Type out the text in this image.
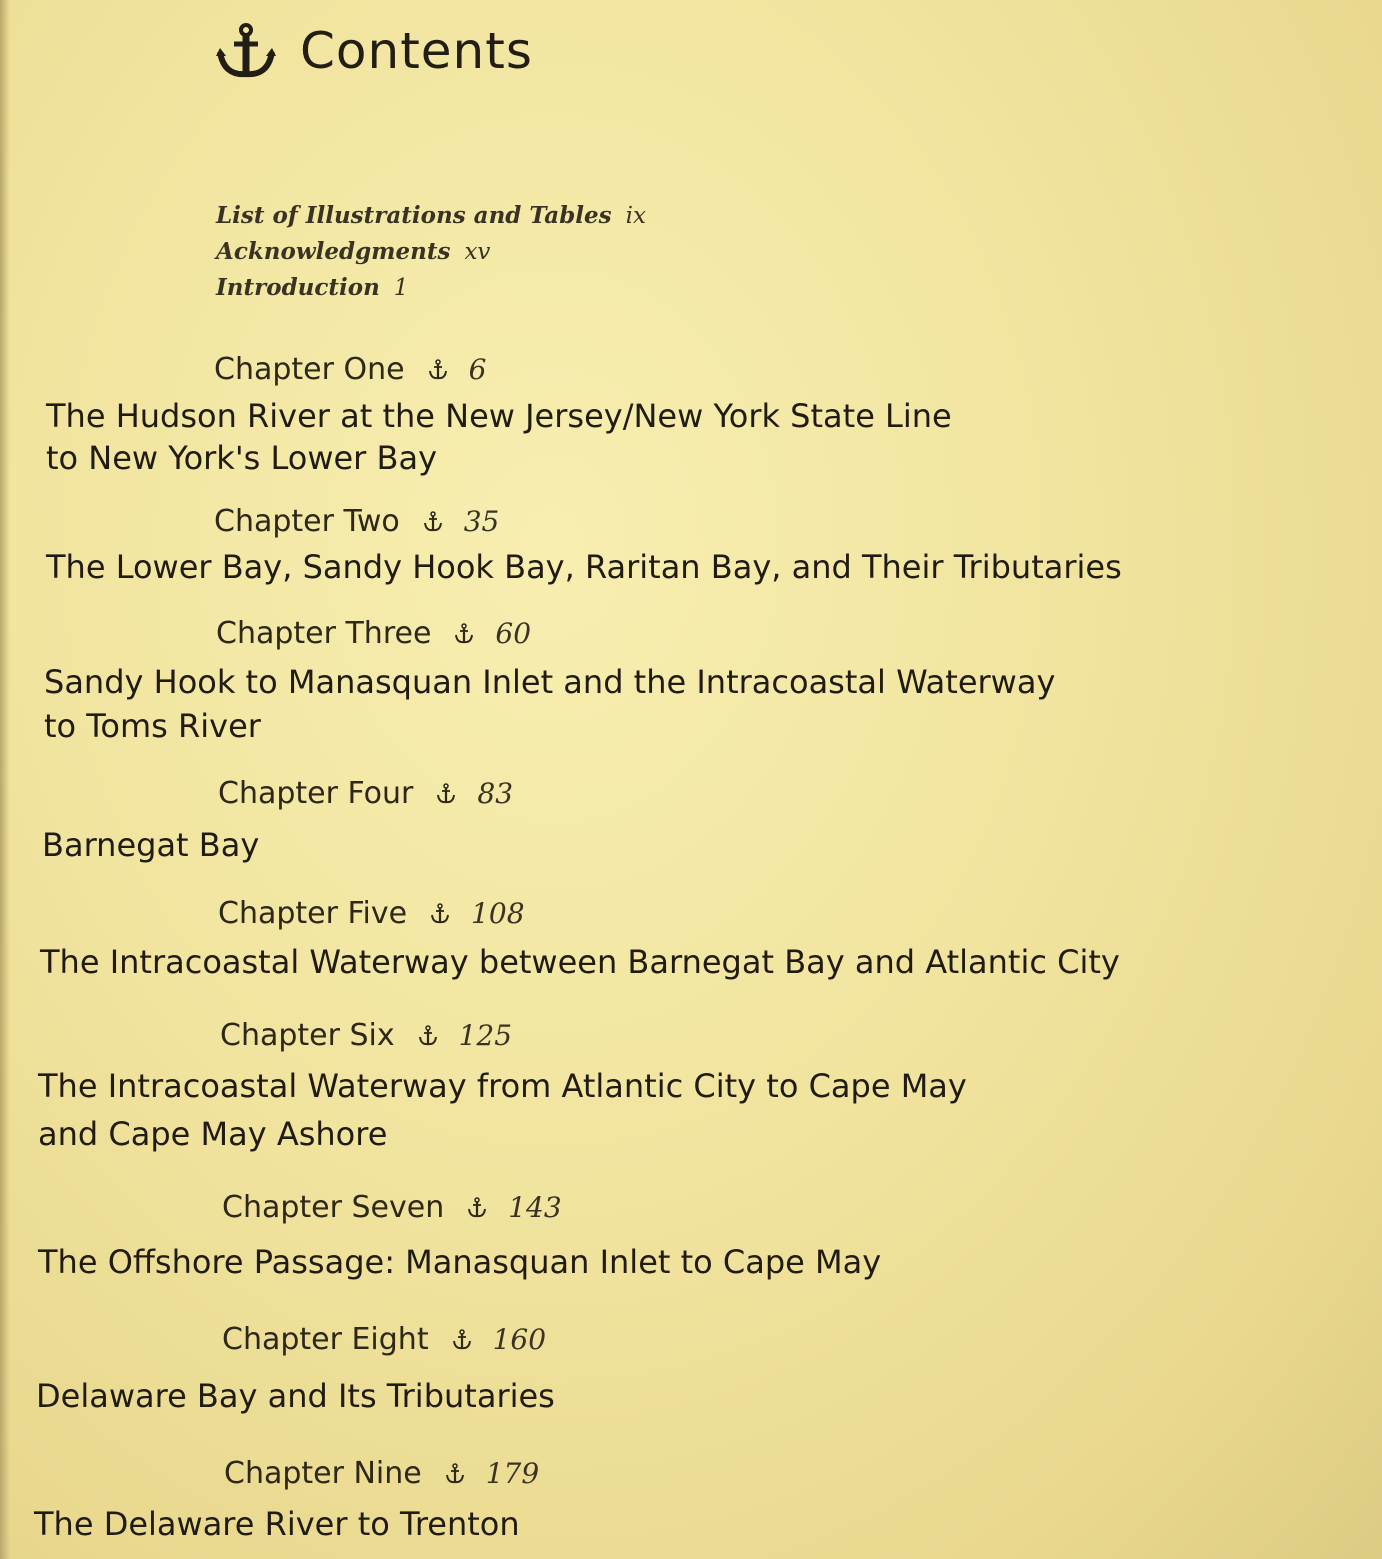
Contents
List of Illustrations and Tables ix
Acknowledgments xv
Introduction 1
Chapter One 6
The Hudson River at the New Jersey/New York State Line
to New York's Lower Bay
Chapter Two 35
The Lower Bay, Sandy Hook Bay, Raritan Bay, and Their Tributaries
Chapter Three 60
Sandy Hook to Manasquan Inlet and the Intracoastal Waterway
to Toms River
Chapter Four 83
Barnegat Bay
Chapter Five 108
The Intracoastal Waterway between Barnegat Bay and Atlantic City
Chapter Six 125
The Intracoastal Waterway from Atlantic City to Cape May
and Cape May Ashore
Chapter Seven 143
The Offshore Passage: Manasquan Inlet to Cape May
Chapter Eight 160
Delaware Bay and Its Tributaries
Chapter Nine 179
The Delaware River to Trenton
